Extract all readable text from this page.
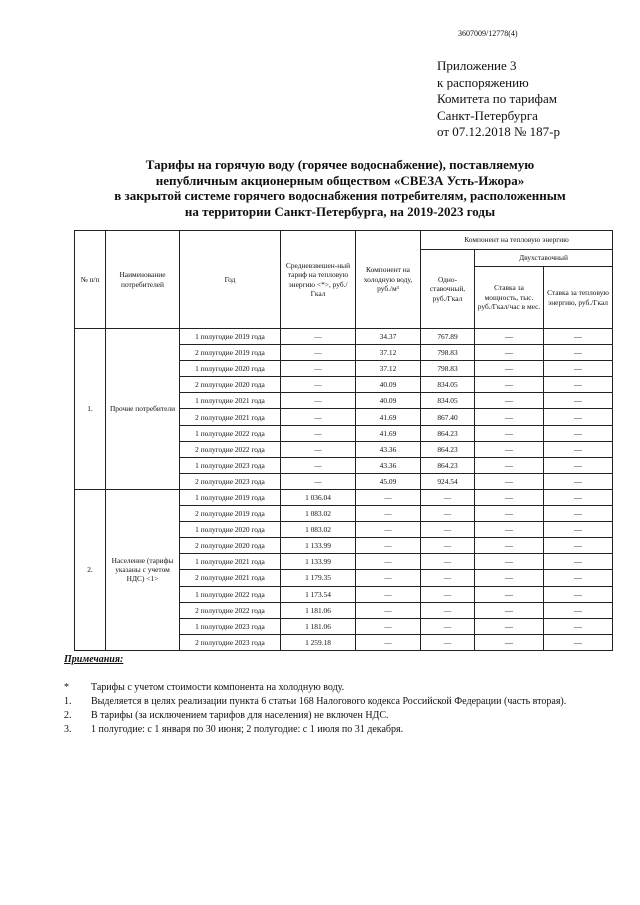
3607009/12778(4)
Приложение 3
к распоряжению
Комитета по тарифам
Санкт-Петербурга
от 07.12.2018 № 187-р
Тарифы на горячую воду (горячее водоснабжение), поставляемую
непубличным акционерным обществом «СВЕЗА Усть-Ижора»
в закрытой системе горячего водоснабжения потребителям, расположенным
на территории Санкт-Петербурга, на 2019-2023 годы
№ п/п	Наименование потребителей	Год	Средневзвешен-ный тариф на тепловую энергию <*>, руб./Гкал	Компонент на холодную воду, руб./м³	Компонент на тепловую энергию		
					Одно-ставочный, руб./Гкал	Двухставочный	
						Ставка за мощность, тыс. руб./Гкал/час в мес.	Ставка за тепловую энергию, руб./Гкал
1.	Прочие потребители	1 полугодие 2019 года	—	34.37	767.89	—	—
		2 полугодие 2019 года	—	37.12	798.83	—	—
		1 полугодие 2020 года	—	37.12	798.83	—	—
		2 полугодие 2020 года	—	40.09	834.05	—	—
		1 полугодие 2021 года	—	40.09	834.05	—	—
		2 полугодие 2021 года	—	41.69	867.40	—	—
		1 полугодие 2022 года	—	41.69	864.23	—	—
		2 полугодие 2022 года	—	43.36	864.23	—	—
		1 полугодие 2023 года	—	43.36	864.23	—	—
		2 полугодие 2023 года	—	45.09	924.54	—	—
2.	Население (тарифы указаны с учетом НДС) <1>	1 полугодие 2019 года	1 036.04	—	—	—	—
		2 полугодие 2019 года	1 083.02	—	—	—	—
		1 полугодие 2020 года	1 083.02	—	—	—	—
		2 полугодие 2020 года	1 133.99	—	—	—	—
		1 полугодие 2021 года	1 133.99	—	—	—	—
		2 полугодие 2021 года	1 179.35	—	—	—	—
		1 полугодие 2022 года	1 173.54	—	—	—	—
		2 полугодие 2022 года	1 181.06	—	—	—	—
		1 полугодие 2023 года	1 181.06	—	—	—	—
		2 полугодие 2023 года	1 259.18	—	—	—	—
Примечания:
*	Тарифы с учетом стоимости компонента на холодную воду.
1.	Выделяется в целях реализации пункта 6 статьи 168 Налогового кодекса Российской Федерации (часть вторая).
2.	В тарифы (за исключением тарифов для населения) не включен НДС.
3.	1 полугодие: с 1 января по 30 июня; 2 полугодие: с 1 июля по 31 декабря.
